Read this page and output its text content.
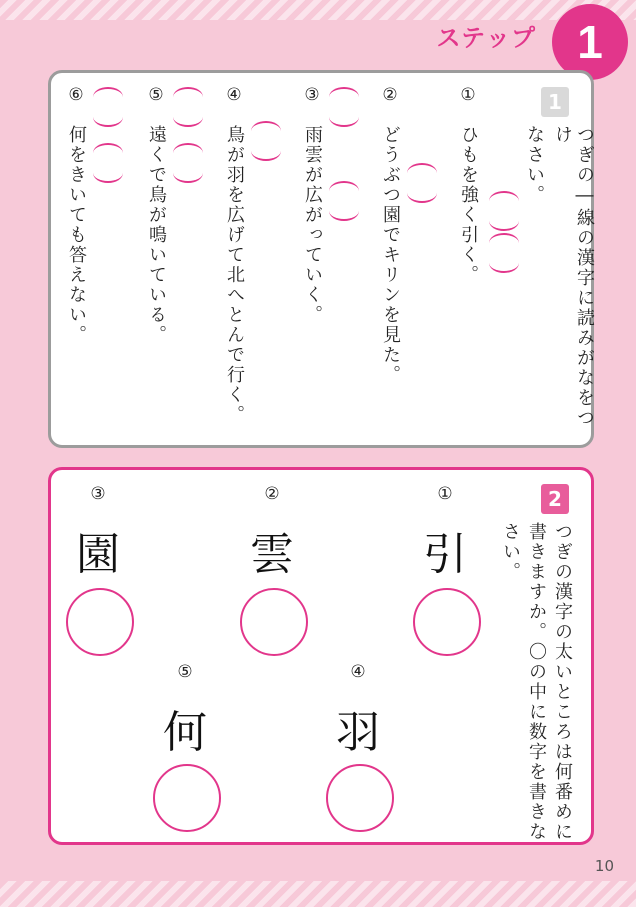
ステップ 1
1
つぎの―線の漢字に読みがなをつけ
なさい。
①
ひもを強く引く。
②
どうぶつ園でキリンを見た。
③
雨雲が広がっていく。
④
鳥が羽を広げて北へとんで行く。
⑤
遠くで鳥が鳴いている。
⑥
何をきいても答えない。
2
つぎの漢字の太いところは何番めに
書きますか。〇の中に数字を書きな
さい。
①
引
②
雲
③
園
④
羽
⑤
何
10
